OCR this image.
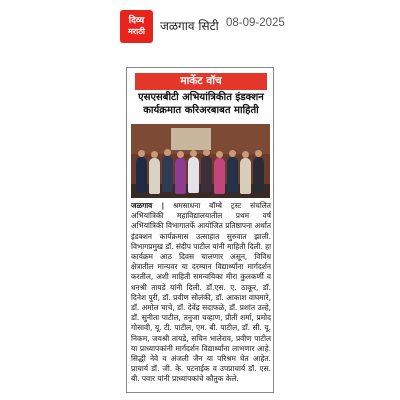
दिव्य
मराठी जळगाव सिटी 08-09-2025
मार्केट वॉच
एसएसबीटी अभियांत्रिकीत इंडक्शन कार्यक्रमात करिअरबाबत माहिती
जळगाव | श्रमसाधना बॉम्बे ट्रस्ट संचलित अभियांत्रिकी महाविद्यालयातील प्रथम वर्ष अभियांत्रिकी विभागातर्फे आयोजित प्रतिष्ठापना अर्थात इंडक्शन कार्यक्रमास उत्साहात सुरुवात झाली. विभागप्रमुख डॉ. संदीप पाटील यांनी माहिती दिली. हा कार्यक्रम आठ दिवस चालणार असून, विविध क्षेत्रातील मान्यवर या दरम्यान विद्यार्थ्यांना मार्गदर्शन करतील, अशी माहिती समन्वयिका मीरा कुलकर्णी व धनश्री तायडे यांनी दिली. डॉ.एस. ए. ठाकूर, डॉ. दिनेश पुरी, डॉ. प्रवीण सोलंकी, डॉ. आकाश वाघमारे, डॉ. अमोल चाचे, डॉ. देवेंद्र सदाफळे, डॉ. प्रशांत उल्हे, डॉ. सुनीता पाटील, तनुजा चव्हाण, प्रीती शर्मा, प्रमोद गोसावी, यू. टी. पाटील, एम. बी. पाटील, डॉ. सी. यू. निकम, जयश्री तायडे, सचिन भालेराव, प्रवीण पाटील या प्राध्यापकांनी मार्गदर्शन विद्यार्थ्यांना लाभणार आहे. सिद्धी नेवे व अंजली जैन या परिश्रम घेत आहेत. प्राचार्य डॉ. जी. के. पटनाईक व उपप्राचार्य डॉ. एस. बी. पवार यांनी प्राध्यापकांचे कौतुक केले.
